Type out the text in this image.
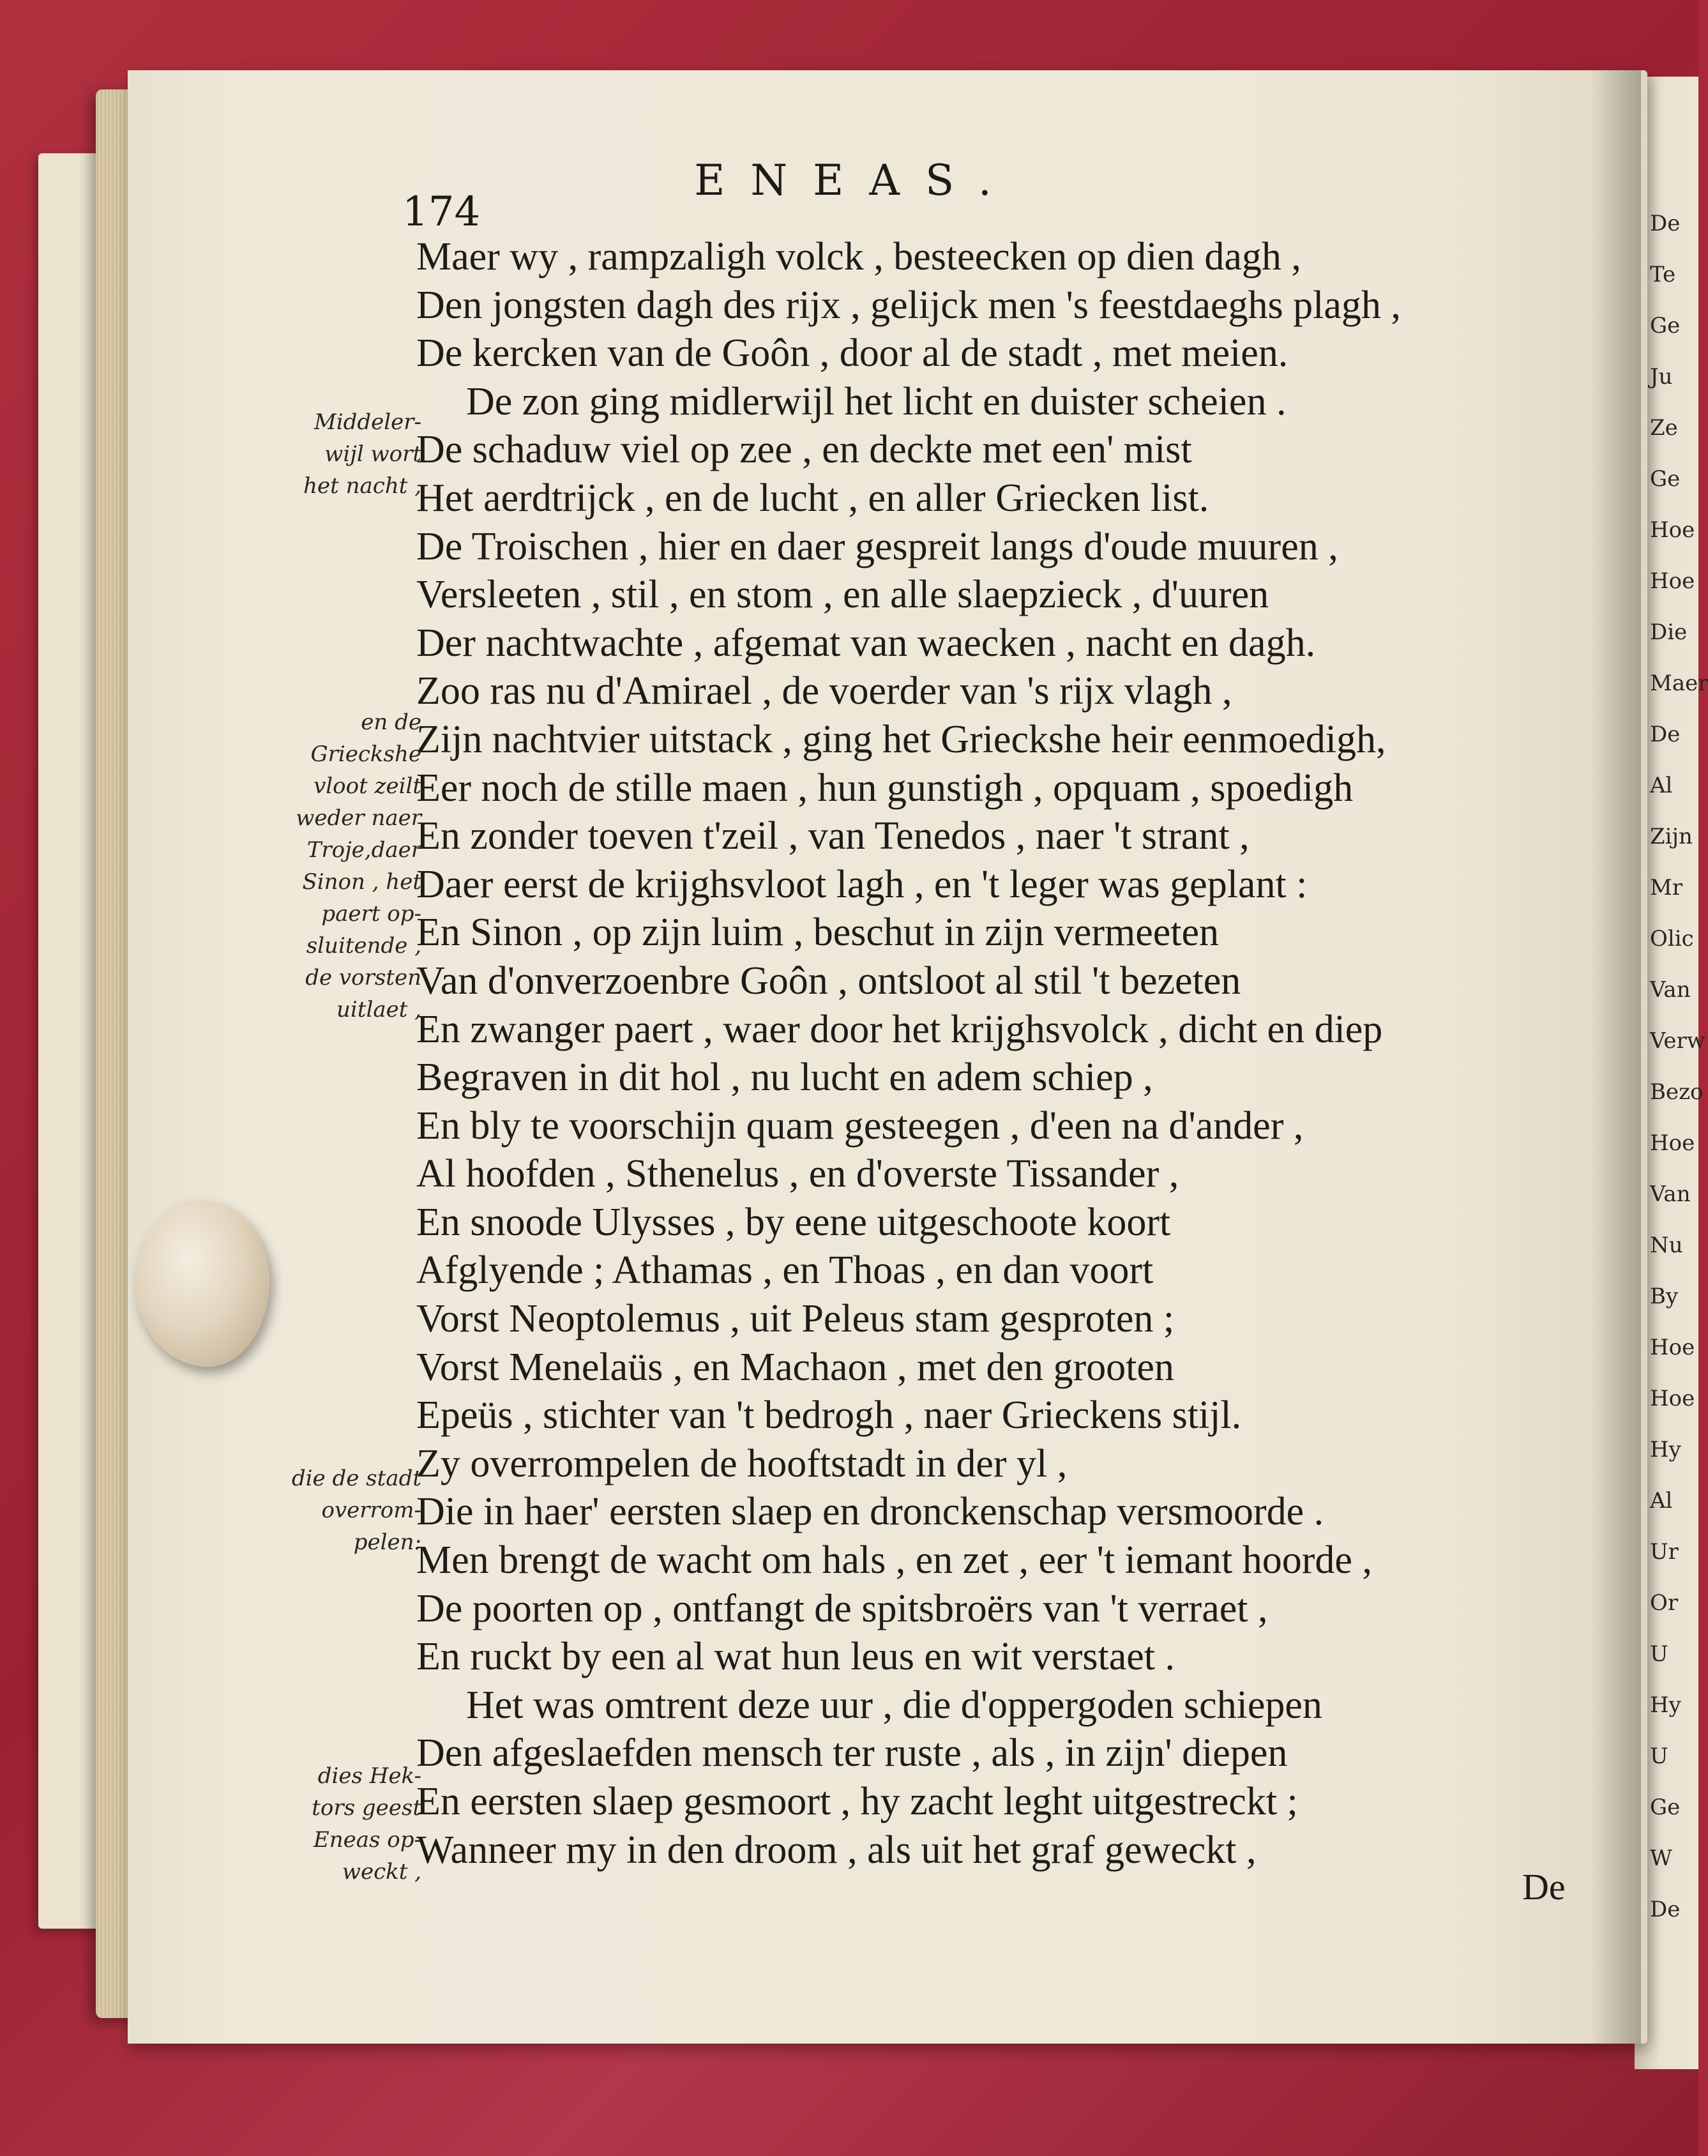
De
Te
Ge
Ju
Ze
Ge
Hoe
Hoe
Die
Maer
De
Al
Zijn
Mr
Olic
Van
Verw
Bezo
Hoe
Van
Nu
By
Hoe
Hoe
Hy
Al
Ur
Or
U
Hy
U
Ge
W
De
ENEAS.
174
Maer wy , rampzaligh volck , besteecken op dien dagh ,
Den jongsten dagh des rijx , gelijck men 's feestdaeghs plagh ,
De kercken van de Goôn , door al de stadt , met meien.
De zon ging midlerwijl het licht en duister scheien .
De schaduw viel op zee , en deckte met een' mist
Het aerdtrijck , en de lucht , en aller Griecken list.
De Troischen , hier en daer gespreit langs d'oude muuren ,
Versleeten , stil , en stom , en alle slaepzieck , d'uuren
Der nachtwachte , afgemat van waecken , nacht en dagh.
Zoo ras nu d'Amirael , de voerder van 's rijx vlagh ,
Zijn nachtvier uitstack , ging het Grieckshe heir eenmoedigh,
Eer noch de stille maen , hun gunstigh , opquam , spoedigh
En zonder toeven t'zeil , van Tenedos , naer 't strant ,
Daer eerst de krijghsvloot lagh , en 't leger was geplant :
En Sinon , op zijn luim , beschut in zijn vermeeten
Van d'onverzoenbre Goôn , ontsloot al stil 't bezeten
En zwanger paert , waer door het krijghsvolck , dicht en diep
Begraven in dit hol , nu lucht en adem schiep ,
En bly te voorschijn quam gesteegen , d'een na d'ander ,
Al hoofden , Sthenelus , en d'overste Tissander ,
En snoode Ulysses , by eene uitgeschoote koort
Afglyende ; Athamas , en Thoas , en dan voort
Vorst Neoptolemus , uit Peleus stam gesproten ;
Vorst Menelaüs , en Machaon , met den grooten
Epeüs , stichter van 't bedrogh , naer Grieckens stijl.
Zy overrompelen de hooftstadt in der yl ,
Die in haer' eersten slaep en dronckenschap versmoorde .
Men brengt de wacht om hals , en zet , eer 't iemant hoorde ,
De poorten op , ontfangt de spitsbroërs van 't verraet ,
En ruckt by een al wat hun leus en wit verstaet .
Het was omtrent deze uur , die d'oppergoden schiepen
Den afgeslaefden mensch ter ruste , als , in zijn' diepen
En eersten slaep gesmoort , hy zacht leght uitgestreckt ;
Wanneer my in den droom , als uit het graf geweckt ,
De
Middeler-
wijl wort
het nacht ,
en de
Grieckshe
vloot zeilt
weder naer
Troje,daer
Sinon , het
paert op-
sluitende ,
de vorsten
uitlaet ,
die de stadt
overrom-
pelen:
dies Hek-
tors geest
Eneas op-
weckt ,
